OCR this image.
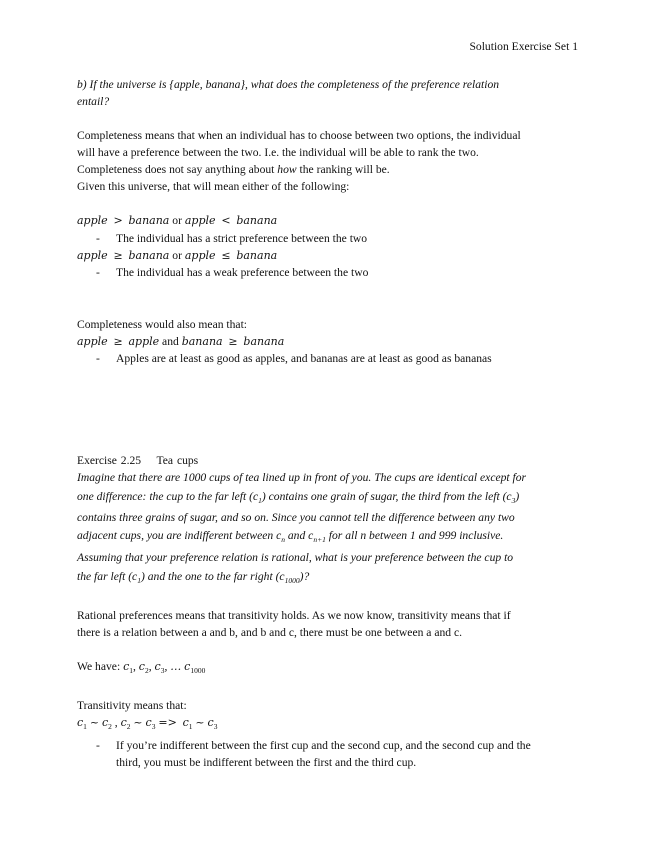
Solution Exercise Set 1
b) If the universe is {apple, banana}, what does the completeness of the preference relation
entail?
Completeness means that when an individual has to choose between two options, the individual
will have a preference between the two. I.e. the individual will be able to rank the two.
Completeness does not say anything about how the ranking will be.
Given this universe, that will mean either of the following:
apple > banana or apple < banana
- The individual has a strict preference between the two
apple ≥ banana or apple ≤ banana
- The individual has a weak preference between the two
Completeness would also mean that:
apple ≥ apple and banana ≥ banana
- Apples are at least as good as apples, and bananas are at least as good as bananas
Exercise 2.25    Tea cups
Imagine that there are 1000 cups of tea lined up in front of you. The cups are identical except for
one difference: the cup to the far left $(c_1)$ contains one grain of sugar, the third from the left $(c_3)$
contains three grains of sugar, and so on. Since you cannot tell the difference between any two
adjacent cups, you are indifferent between $c_n$ and $c_{n+1}$ for all n between 1 and 999 inclusive.
Assuming that your preference relation is rational, what is your preference between the cup to
the far left $(c_1)$ and the one to the far right $(c_{1000})$?
Rational preferences means that transitivity holds. As we now know, transitivity means that if
there is a relation between a and b, and b and c, there must be one between a and c.
We have: $c_1$, $c_2$, $c_3$, … $c_{1000}$
Transitivity means that:
$c_1$ ~ $c_2$ , $c_2$ ~ $c_3 => c_1$ ~ $c_3$
- If you’re indifferent between the first cup and the second cup, and the second cup and the
third, you must be indifferent between the first and the third cup.
